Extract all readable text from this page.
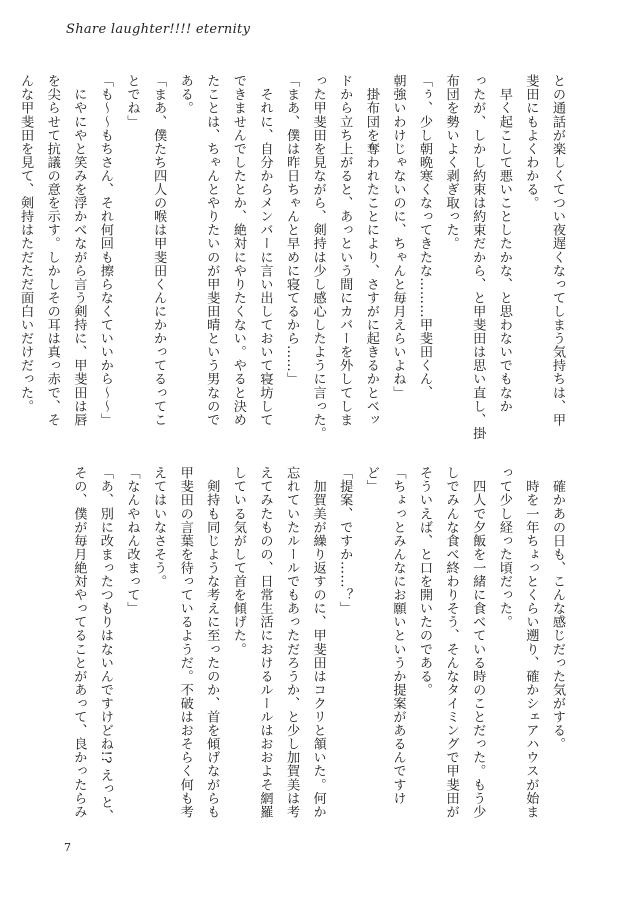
Share laughter!!!! eternity

との通話が楽しくてつい夜遅くなってしまう気持ちは、甲

斐田にもよくわかる。

　早く起こして悪いことしたかな、と思わないでもなか

ったが、しかし約束は約束だから、と甲斐田は思い直し、掛

布団を勢いよく剥ぎ取った。

「ぅ、少し朝晩寒くなってきたな………甲斐田くん、

朝強いわけじゃないのに、ちゃんと毎月えらいよね」

　掛布団を奪われたことにより、さすがに起きるかとベッ

ドから立ち上がると、あっという間にカバーを外してしま

った甲斐田を見ながら、剣持は少し感心したように言った。

「まあ、僕は昨日ちゃんと早めに寝てるから……」

　それに、自分からメンバーに言い出しておいて寝坊して

できませんでしたとか、絶対にやりたくない。やると決め

たことは、ちゃんとやりたいのが甲斐田晴という男なので

ある。

「まあ、僕たち四人の喉は甲斐田くんにかかってるってこ

とでね」

「も〜〜もちさん、それ何回も擦らなくていいから〜〜」

　にやにやと笑みを浮かべながら言う剣持に、甲斐田は唇

を尖らせて抗議の意を示す。しかしその耳は真っ赤で、そ

んな甲斐田を見て、剣持はただただ面白いだけだった。

　確かあの日も、こんな感じだった気がする。

　時を一年ちょっとくらい遡り、確かシェアハウスが始ま

って少し経った頃だった。

　四人で夕飯を一緒に食べている時のことだった。もう少

しでみんな食べ終わりそう、そんなタイミングで甲斐田が

そういえば、と口を開いたのである。

「ちょっとみんなにお願いというか提案があるんですけ

ど」

「提案、ですか……？」

　加賀美が繰り返すのに、甲斐田はコクリと頷いた。何か

忘れていたルールでもあっただろうか、と少し加賀美は考

えてみたものの、日常生活におけるルールはおおよそ網羅

している気がして首を傾げた。

　剣持も同じような考えに至ったのか、首を傾げながらも

甲斐田の言葉を待っているようだ。不破はおそらく何も考

えてはいなさそう。

「なんやねん改まって」

「あ、別に改まったつもりはないんですけどね!? えっと、

その、僕が毎月絶対やってることがあって、良かったらみ

7
